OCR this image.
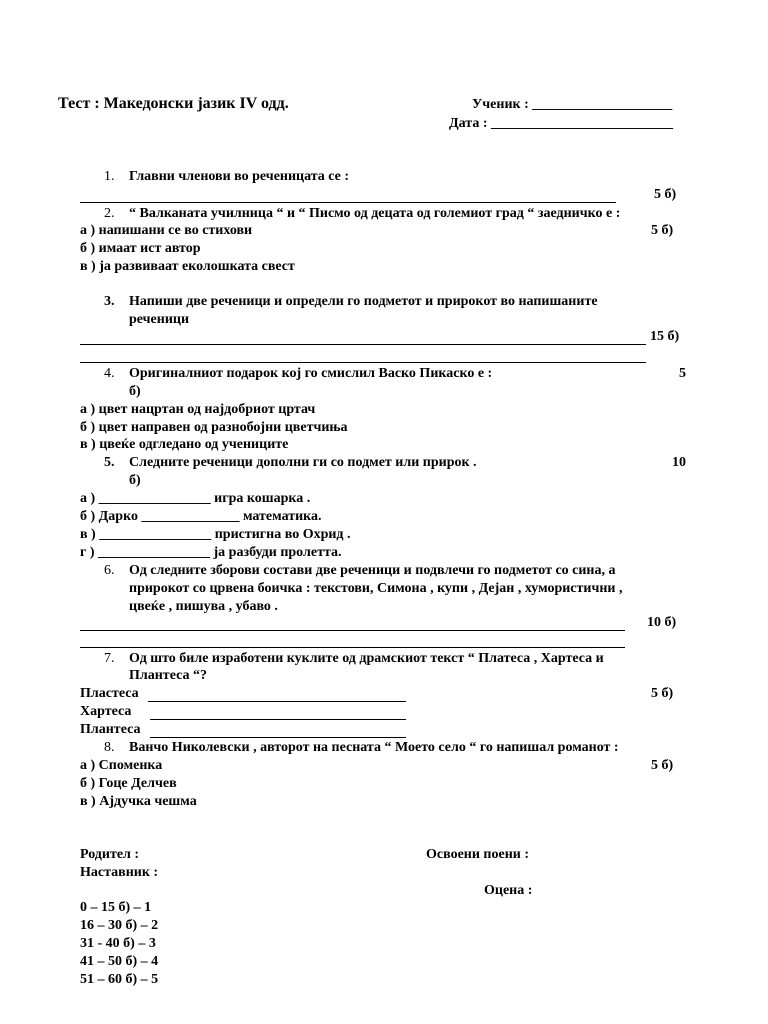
Тест : Македонски јазик IV одд.	Ученик : ____________________
Дата : __________________________
1. Главни членови во реченицата се :
5 б)
2. “ Валканата училница “ и “ Писмо од децата од големиот град “ заедничко е :
5 б)
а ) напишани се во стихови
б ) имаат ист автор
в ) ја развиваат еколошката свест
3. Напиши две реченици и определи го подметот и прирокот во напишаните
реченици
15 б)
4. Оригиналниот подарок кој го смислил Васко Пикаско е :	5
б)
а ) цвет нацртан од најдобриот цртач
б ) цвет направен од разнобојни цветчиња
в ) цвеќе одгледано од учениците
5. Следните реченици дополни ги со подмет или прирок .	10
б)
а ) ________________ игра кошарка .
б ) Дарко ______________ математика.
в ) ________________ пристигна во Охрид .
г ) ________________ ја разбуди пролетта.
6. Од следните зборови состави две реченици и подвлечи го подметот со сина, а
прирокот со црвена боичка : текстови, Симона , купи , Дејан , хумористични ,
цвеќе , пишува , убаво .
10 б)
7. Од што биле изработени куклите од драмскиот текст “ Платеса , Хартеса и
Плантеса “?
Пластеса	5 б)
Хартеса
Плантеса
8. Ванчо Николевски , авторот на песната “ Моето село “ го напишал романот :
5 б)
а ) Споменка
б ) Гоце Делчев
в ) Ајдучка чешма
Родител :	Освоени поени :
Наставник :
Оцена :
0 – 15 б) – 1
16 – 30 б) – 2
31 - 40 б) – 3
41 – 50 б) – 4
51 – 60 б) – 5
